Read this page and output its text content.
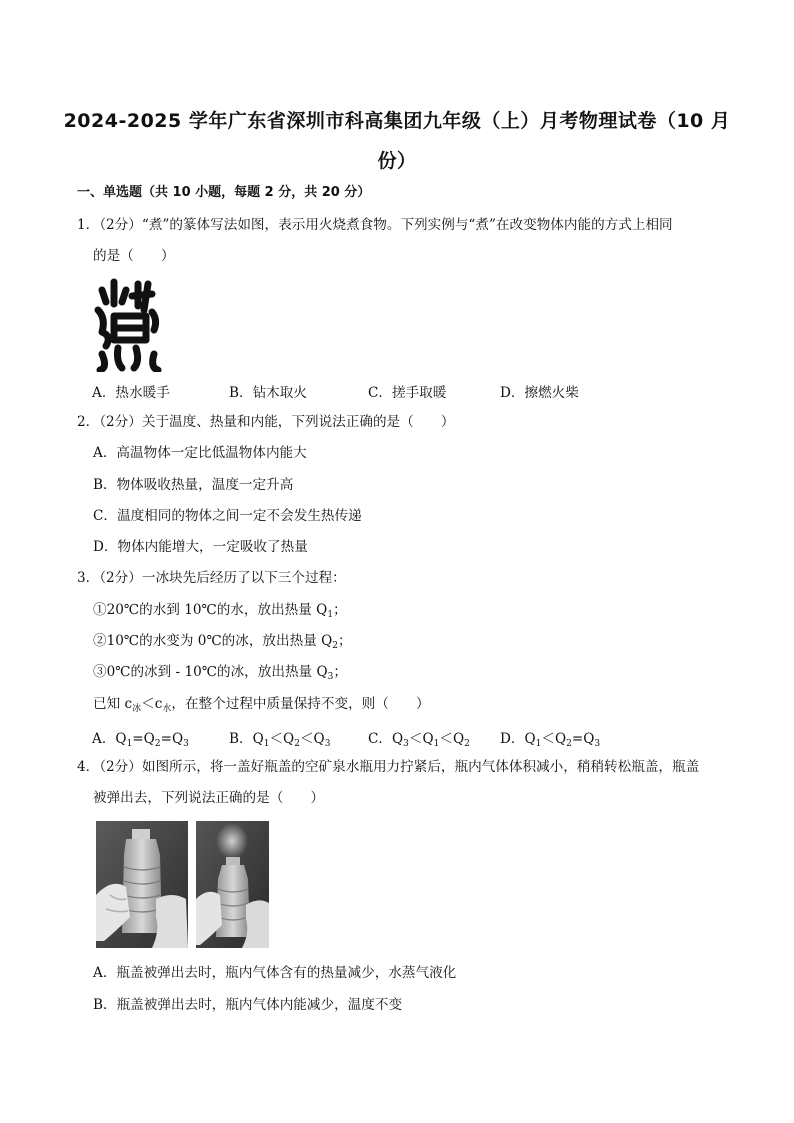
2024-2025 学年广东省深圳市科高集团九年级（上）月考物理试卷（10 月
份）
一、单选题（共 10 小题，每题 2 分，共 20 分）
1．（2分）“煮”的篆体写法如图，表示用火烧煮食物。下列实例与“煮”在改变物体内能的方式上相同
的是（　　）
A．热水暖手	B．钻木取火	C．搓手取暖	D．擦燃火柴
2．（2分）关于温度、热量和内能，下列说法正确的是（　　）
A．高温物体一定比低温物体内能大
B．物体吸收热量，温度一定升高
C．温度相同的物体之间一定不会发生热传递
D．物体内能增大，一定吸收了热量
3．（2分）一冰块先后经历了以下三个过程：
①20℃的水到 10℃的水，放出热量 $Q_1$；
②10℃的水变为 0℃的冰，放出热量 $Q_2$；
③0℃的冰到 - 10℃的冰，放出热量 $Q_3$；
已知 $c_冰<c_水$，在整个过程中质量保持不变，则（　　）
A．$Q_1=Q_2=Q_3$	B．$Q_1<Q_2<Q_3$	C．$Q_3<Q_1<Q_2$ D．$Q_1<Q_2=Q_3$
4．（2分）如图所示，将一盖好瓶盖的空矿泉水瓶用力拧紧后，瓶内气体体积减小，稍稍转松瓶盖，瓶盖
被弹出去，下列说法正确的是（　　）
A．瓶盖被弹出去时，瓶内气体含有的热量减少，水蒸气液化
B．瓶盖被弹出去时，瓶内气体内能减少，温度不变
